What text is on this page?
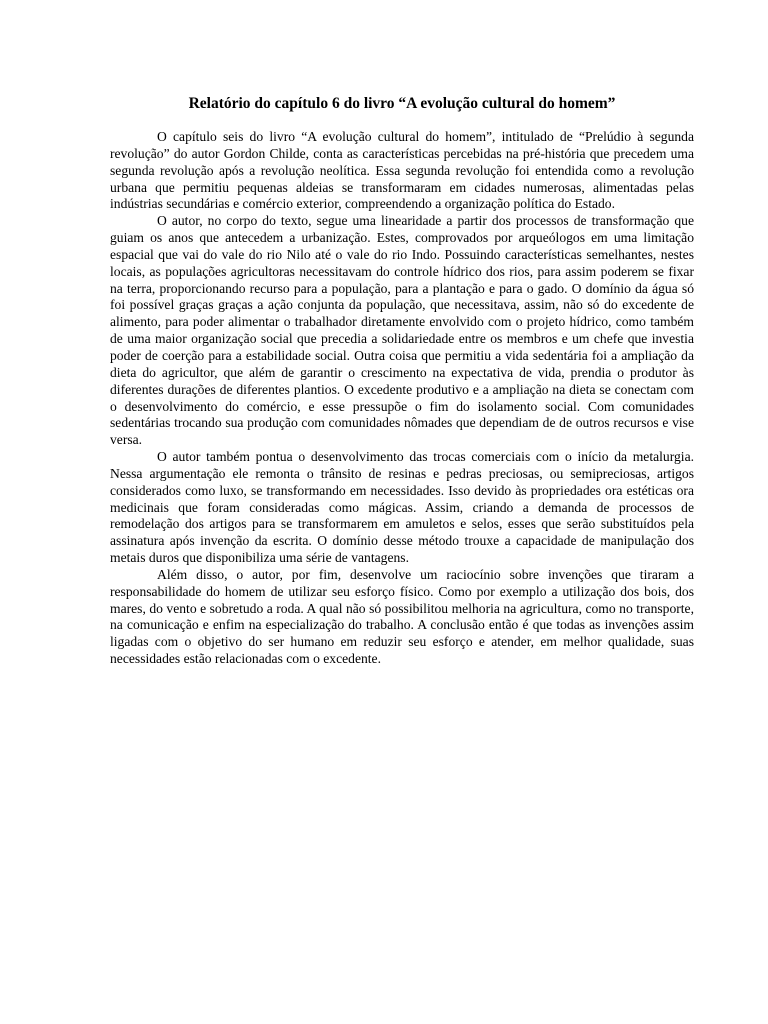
Relatório do capítulo 6 do livro “A evolução cultural do homem”

O capítulo seis do livro “A evolução cultural do homem”, intitulado de “Prelúdio à segunda revolução” do autor Gordon Childe, conta as características percebidas na pré-história que precedem uma segunda revolução após a revolução neolítica. Essa segunda revolução foi entendida como a revolução urbana que permitiu pequenas aldeias se transformaram em cidades numerosas, alimentadas pelas indústrias secundárias e comércio exterior, compreendendo a organização política do Estado.

O autor, no corpo do texto, segue uma linearidade a partir dos processos de transformação que guiam os anos que antecedem a urbanização. Estes, comprovados por arqueólogos em uma limitação espacial que vai do vale do rio Nilo até o vale do rio Indo. Possuindo características semelhantes, nestes locais, as populações agricultoras necessitavam do controle hídrico dos rios, para assim poderem se fixar na terra, proporcionando recurso para a população, para a plantação e para o gado. O domínio da água só foi possível graças graças a ação conjunta da população, que necessitava, assim, não só do excedente de alimento, para poder alimentar o trabalhador diretamente envolvido com o projeto hídrico, como também de uma maior organização social que precedia a solidariedade entre os membros e um chefe que investia poder de coerção para a estabilidade social. Outra coisa que permitiu a vida sedentária foi a ampliação da dieta do agricultor, que além de garantir o crescimento na expectativa de vida, prendia o produtor às diferentes durações de diferentes plantios. O excedente produtivo e a ampliação na dieta se conectam com o desenvolvimento do comércio, e esse pressupõe o fim do isolamento social. Com comunidades sedentárias trocando sua produção com comunidades nômades que dependiam de de outros recursos e vise versa.

O autor também pontua o desenvolvimento das trocas comerciais com o início da metalurgia. Nessa argumentação ele remonta o trânsito de resinas e pedras preciosas, ou semipreciosas, artigos considerados como luxo, se transformando em necessidades. Isso devido às propriedades ora estéticas ora medicinais que foram consideradas como mágicas. Assim, criando a demanda de processos de remodelação dos artigos para se transformarem em amuletos e selos, esses que serão substituídos pela assinatura após invenção da escrita. O domínio desse método trouxe a capacidade de manipulação dos metais duros que disponibiliza uma série de vantagens.

Além disso, o autor, por fim, desenvolve um raciocínio sobre invenções que tiraram a responsabilidade do homem de utilizar seu esforço físico. Como por exemplo a utilização dos bois, dos mares, do vento e sobretudo a roda. A qual não só possibilitou melhoria na agricultura, como no transporte, na comunicação e enfim na especialização do trabalho. A conclusão então é que todas as invenções assim ligadas com o objetivo do ser humano em reduzir seu esforço e atender, em melhor qualidade, suas necessidades estão relacionadas com o excedente.
